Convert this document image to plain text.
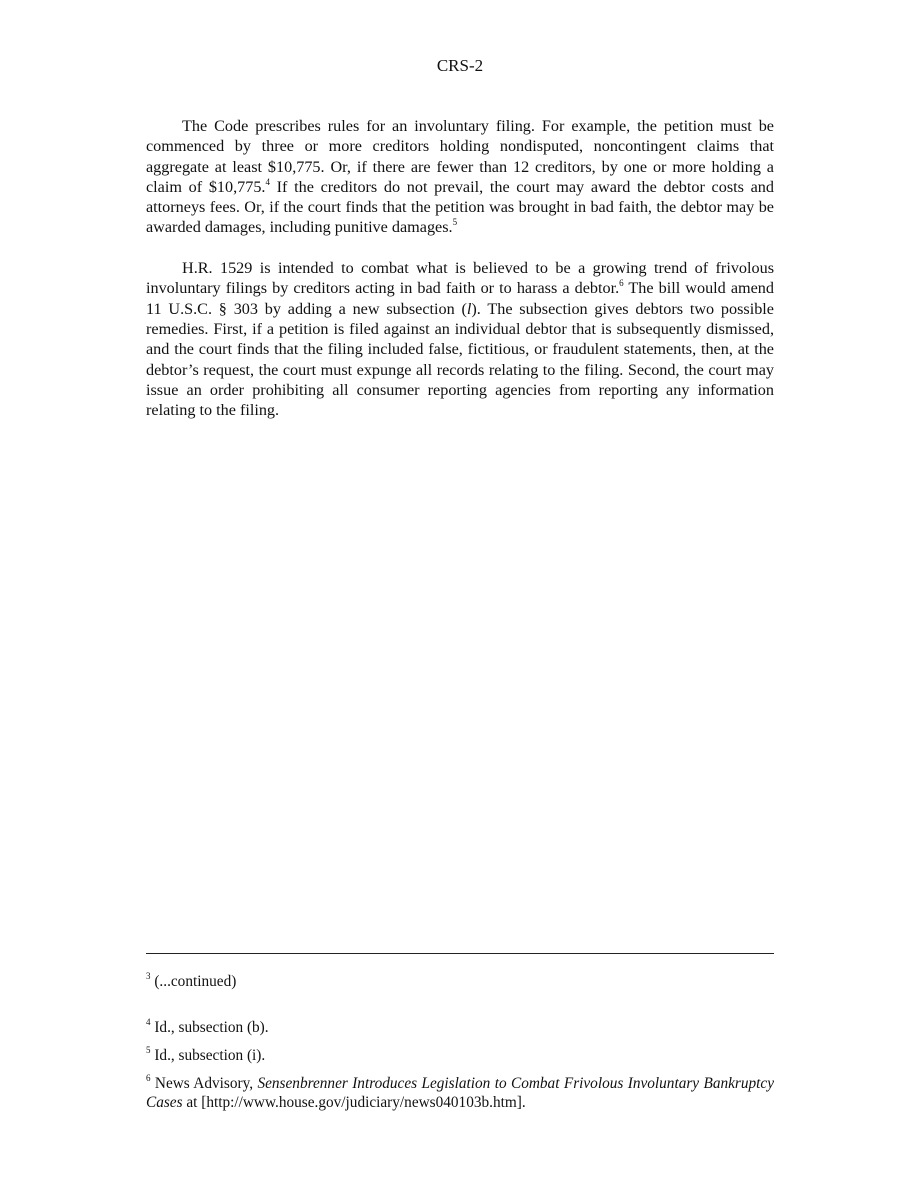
CRS-2

The Code prescribes rules for an involuntary filing. For example, the petition must be commenced by three or more creditors holding nondisputed, noncontingent claims that aggregate at least $10,775. Or, if there are fewer than 12 creditors, by one or more holding a claim of $10,775.$^4$ If the creditors do not prevail, the court may award the debtor costs and attorneys fees. Or, if the court finds that the petition was brought in bad faith, the debtor may be awarded damages, including punitive damages.$^5$

H.R. 1529 is intended to combat what is believed to be a growing trend of frivolous involuntary filings by creditors acting in bad faith or to harass a debtor.$^6$ The bill would amend 11 U.S.C. § 303 by adding a new subsection (l). The subsection gives debtors two possible remedies. First, if a petition is filed against an individual debtor that is subsequently dismissed, and the court finds that the filing included false, fictitious, or fraudulent statements, then, at the debtor’s request, the court must expunge all records relating to the filing. Second, the court may issue an order prohibiting all consumer reporting agencies from reporting any information relating to the filing.

$^3$ (...continued)

$^4$ Id., subsection (b).

$^5$ Id., subsection (i).

$^6$ News Advisory, Sensenbrenner Introduces Legislation to Combat Frivolous Involuntary Bankruptcy Cases at [http://www.house.gov/judiciary/news040103b.htm].
